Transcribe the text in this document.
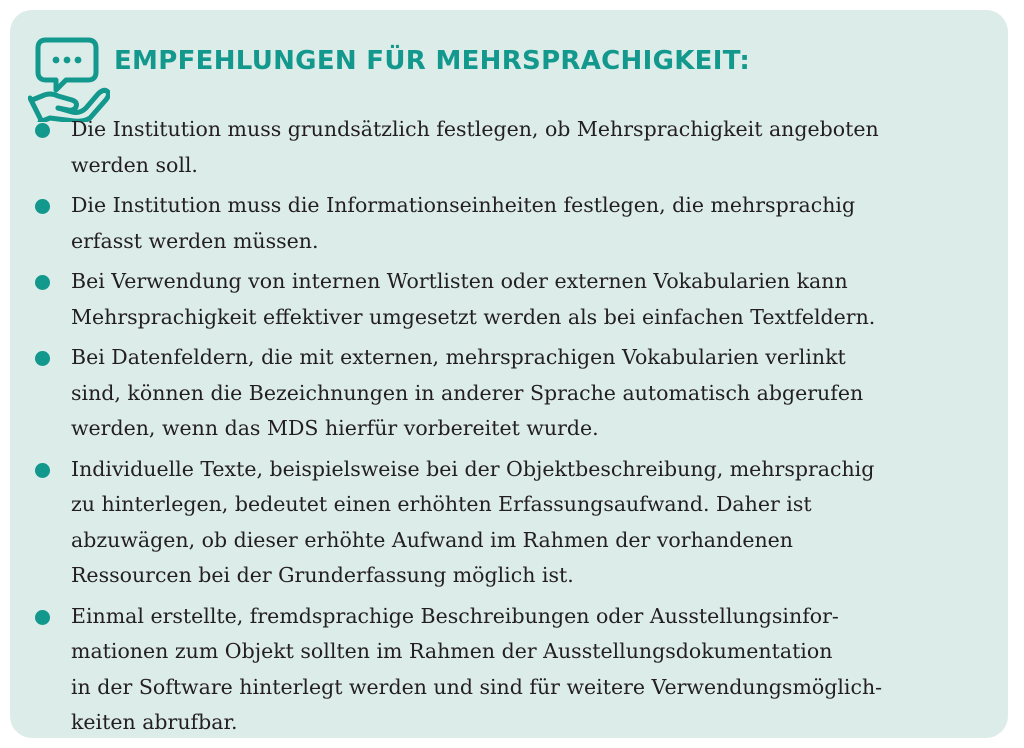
EMPFEHLUNGEN FÜR MEHRSPRACHIGKEIT:
Die Institution muss grundsätzlich festlegen, ob Mehrsprachigkeit angeboten
werden soll.
Die Institution muss die Informationseinheiten festlegen, die mehrsprachig
erfasst werden müssen.
Bei Verwendung von internen Wortlisten oder externen Vokabularien kann
Mehrsprachigkeit effektiver umgesetzt werden als bei einfachen Textfeldern.
Bei Datenfeldern, die mit externen, mehrsprachigen Vokabularien verlinkt
sind, können die Bezeichnungen in anderer Sprache automatisch abgerufen
werden, wenn das MDS hierfür vorbereitet wurde.
Individuelle Texte, beispielsweise bei der Objektbeschreibung, mehrsprachig
zu hinterlegen, bedeutet einen erhöhten Erfassungsaufwand. Daher ist
abzuwägen, ob dieser erhöhte Aufwand im Rahmen der vorhandenen
Ressourcen bei der Grunderfassung möglich ist.
Einmal erstellte, fremdsprachige Beschreibungen oder Ausstellungsinfor-
mationen zum Objekt sollten im Rahmen der Ausstellungsdokumentation
in der Software hinterlegt werden und sind für weitere Verwendungsmöglich-
keiten abrufbar.
